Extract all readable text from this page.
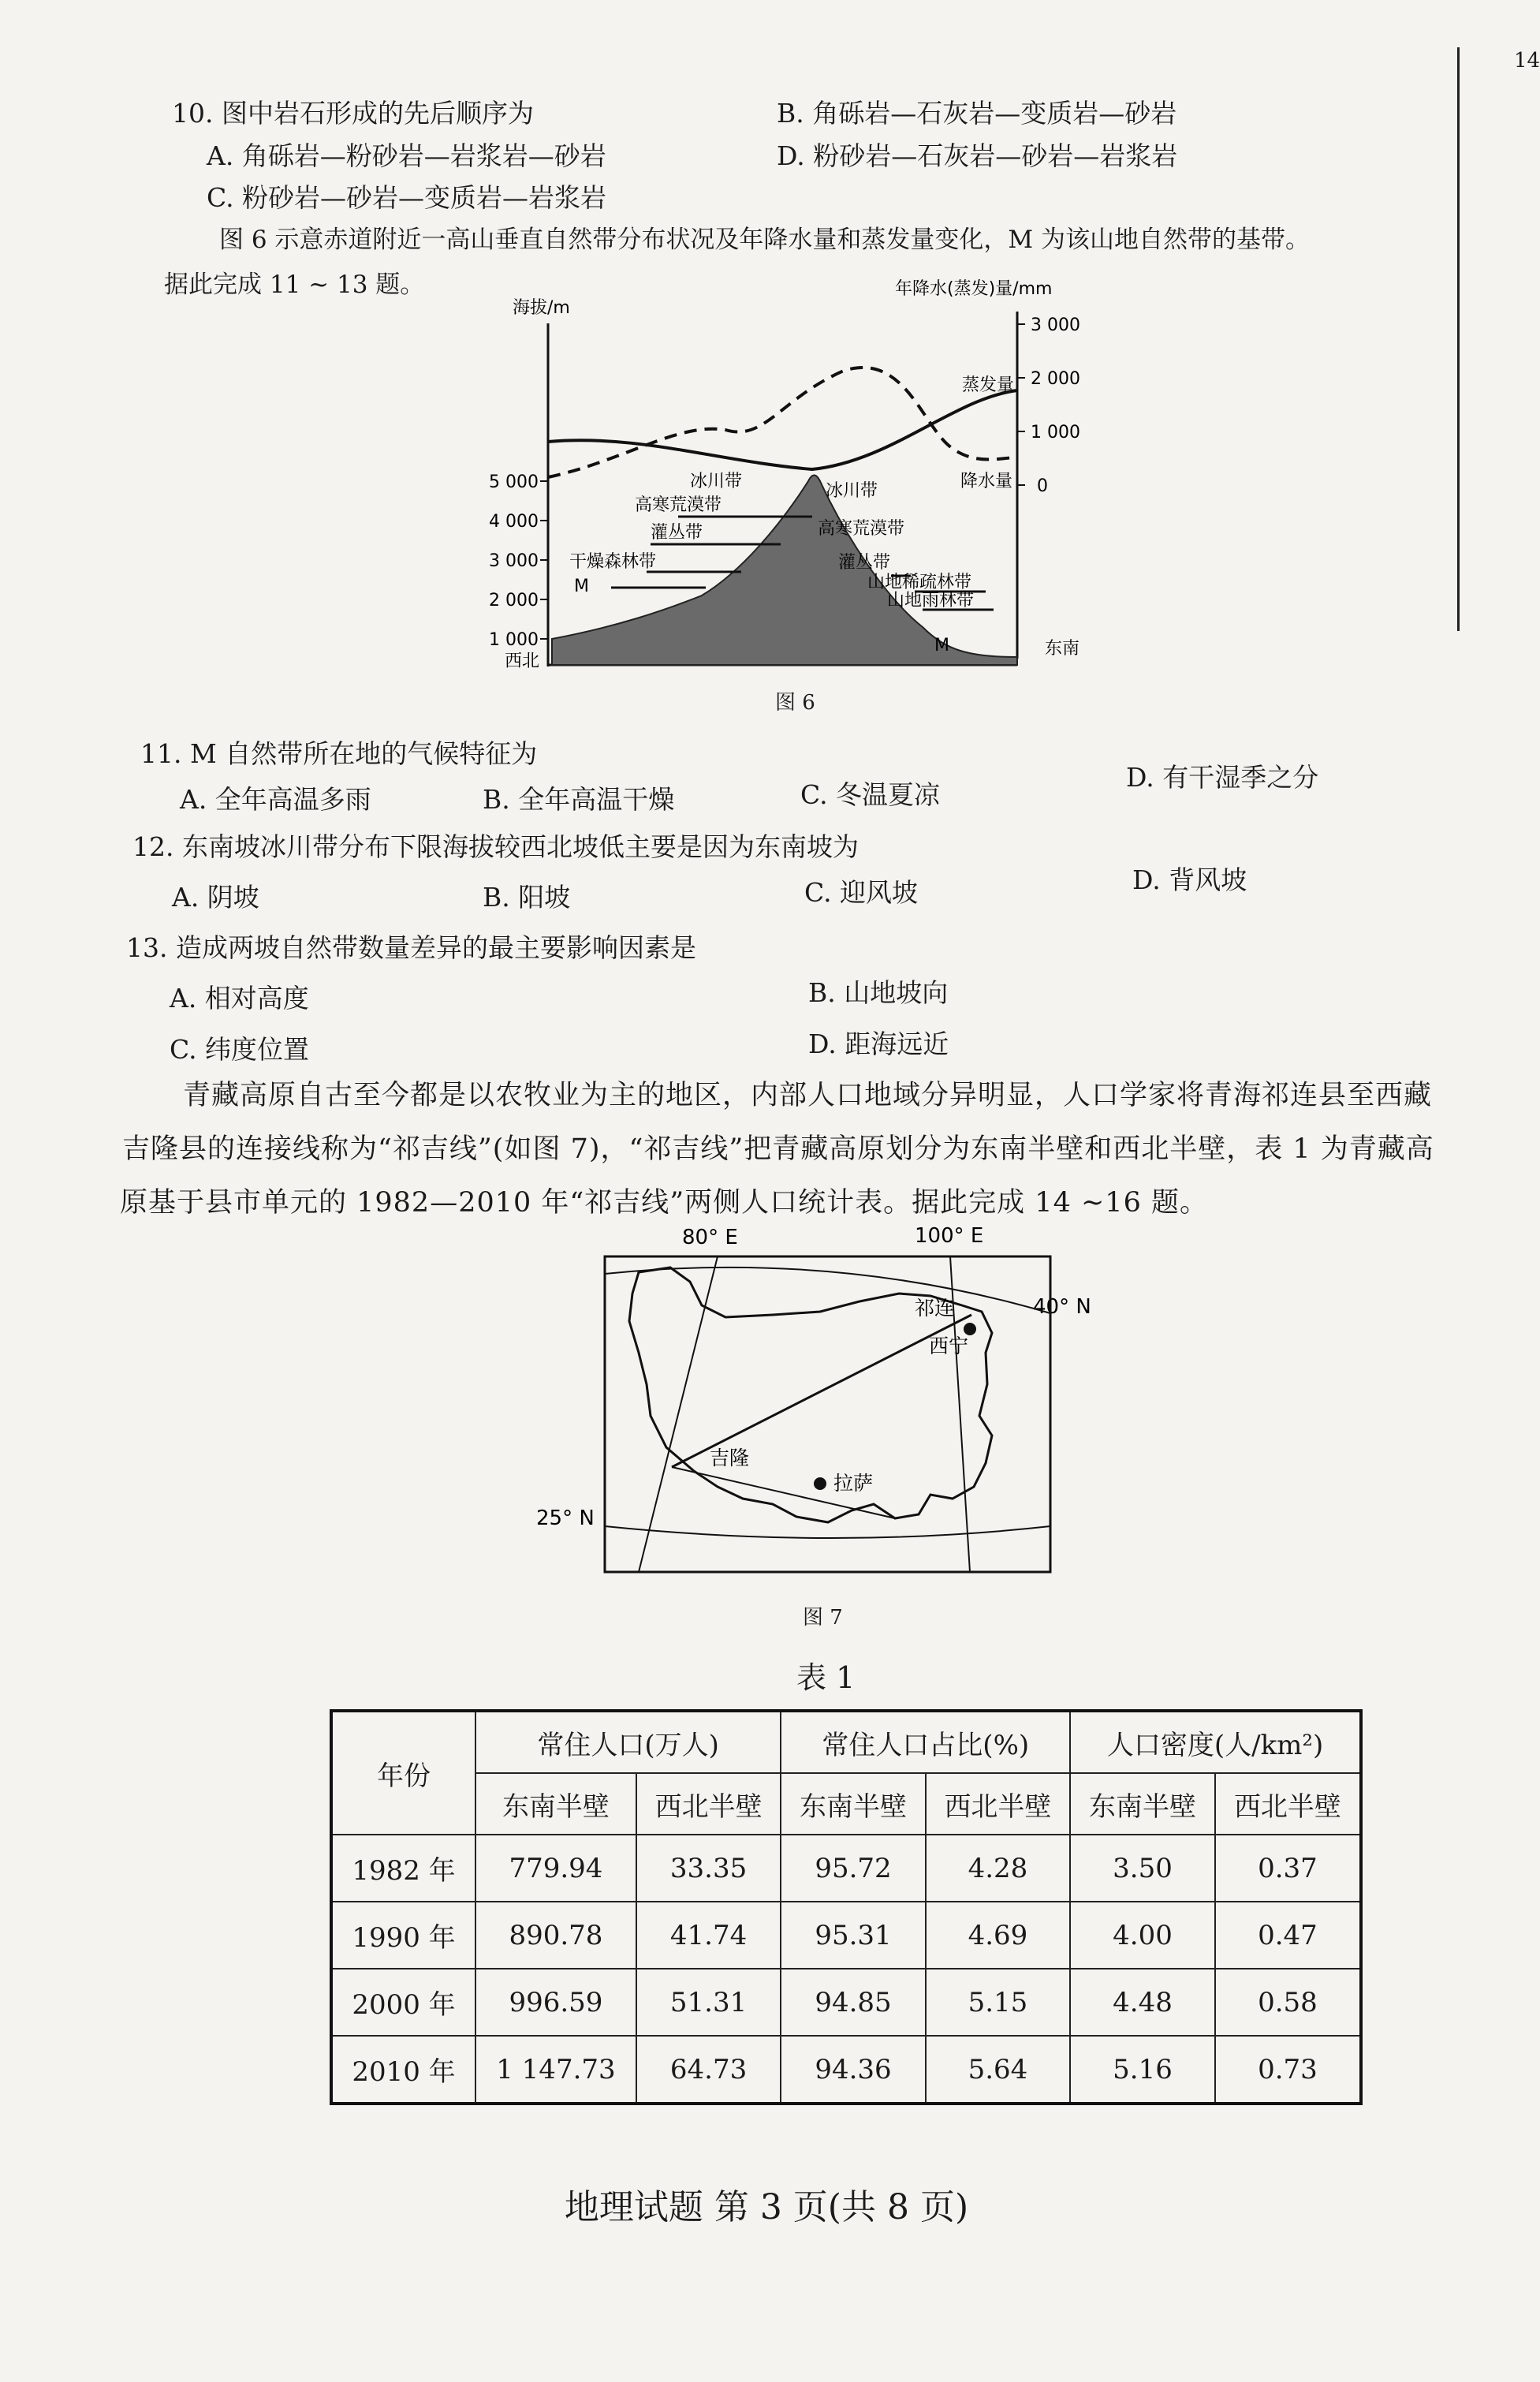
14
10. 图中岩石形成的先后顺序为
A. 角砾岩—粉砂岩—岩浆岩—砂岩
B. 角砾岩—石灰岩—变质岩—砂岩
C. 粉砂岩—砂岩—变质岩—岩浆岩
D. 粉砂岩—石灰岩—砂岩—岩浆岩
图 6 示意赤道附近一高山垂直自然带分布状况及年降水量和蒸发量变化，M 为该山地自然带的基带。
据此完成 11 ~ 13 题。
海拔/m
年降水(蒸发)量/mm
5 000
4 000
3 000
2 000
1 000
西北
东南
3 000
2 000
1 000
0
蒸发量
降水量
冰川带
高寒荒漠带
灌丛带
干燥森林带
M
冰川带
高寒荒漠带
灌丛带
山地稀疏林带
山地雨林带
M
图 6
11. M 自然带所在地的气候特征为
A. 全年高温多雨	B. 全年高温干燥	C. 冬温夏凉
D. 有干湿季之分
12. 东南坡冰川带分布下限海拔较西北坡低主要是因为东南坡为
A. 阴坡	B. 阳坡	C. 迎风坡	D. 背风坡
13. 造成两坡自然带数量差异的最主要影响因素是
A. 相对高度	B. 山地坡向
C. 纬度位置	D. 距海远近
青藏高原自古至今都是以农牧业为主的地区，内部人口地域分异明显，人口学家将青海祁连县至西藏
吉隆县的连接线称为“祁吉线”(如图 7)，“祁吉线”把青藏高原划分为东南半壁和西北半壁，表 1 为青藏高
原基于县市单元的 1982—2010 年“祁吉线”两侧人口统计表。据此完成 14 ~16 题。
80° E	100° E
40° N
25° N
祁连
西宁
吉隆
拉萨
图 7
表 1
年份	常住人口(万人)		常住人口占比(%)		人口密度(人/km²)	
	东南半壁	西北半壁	东南半壁	西北半壁	东南半壁	西北半壁
1982 年	779.94	33.35	95.72	4.28	3.50	0.37
1990 年	890.78	41.74	95.31	4.69	4.00	0.47
2000 年	996.59	51.31	94.85	5.15	4.48	0.58
2010 年	1 147.73	64.73	94.36	5.64	5.16	0.73
地理试题 第 3 页(共 8 页)
